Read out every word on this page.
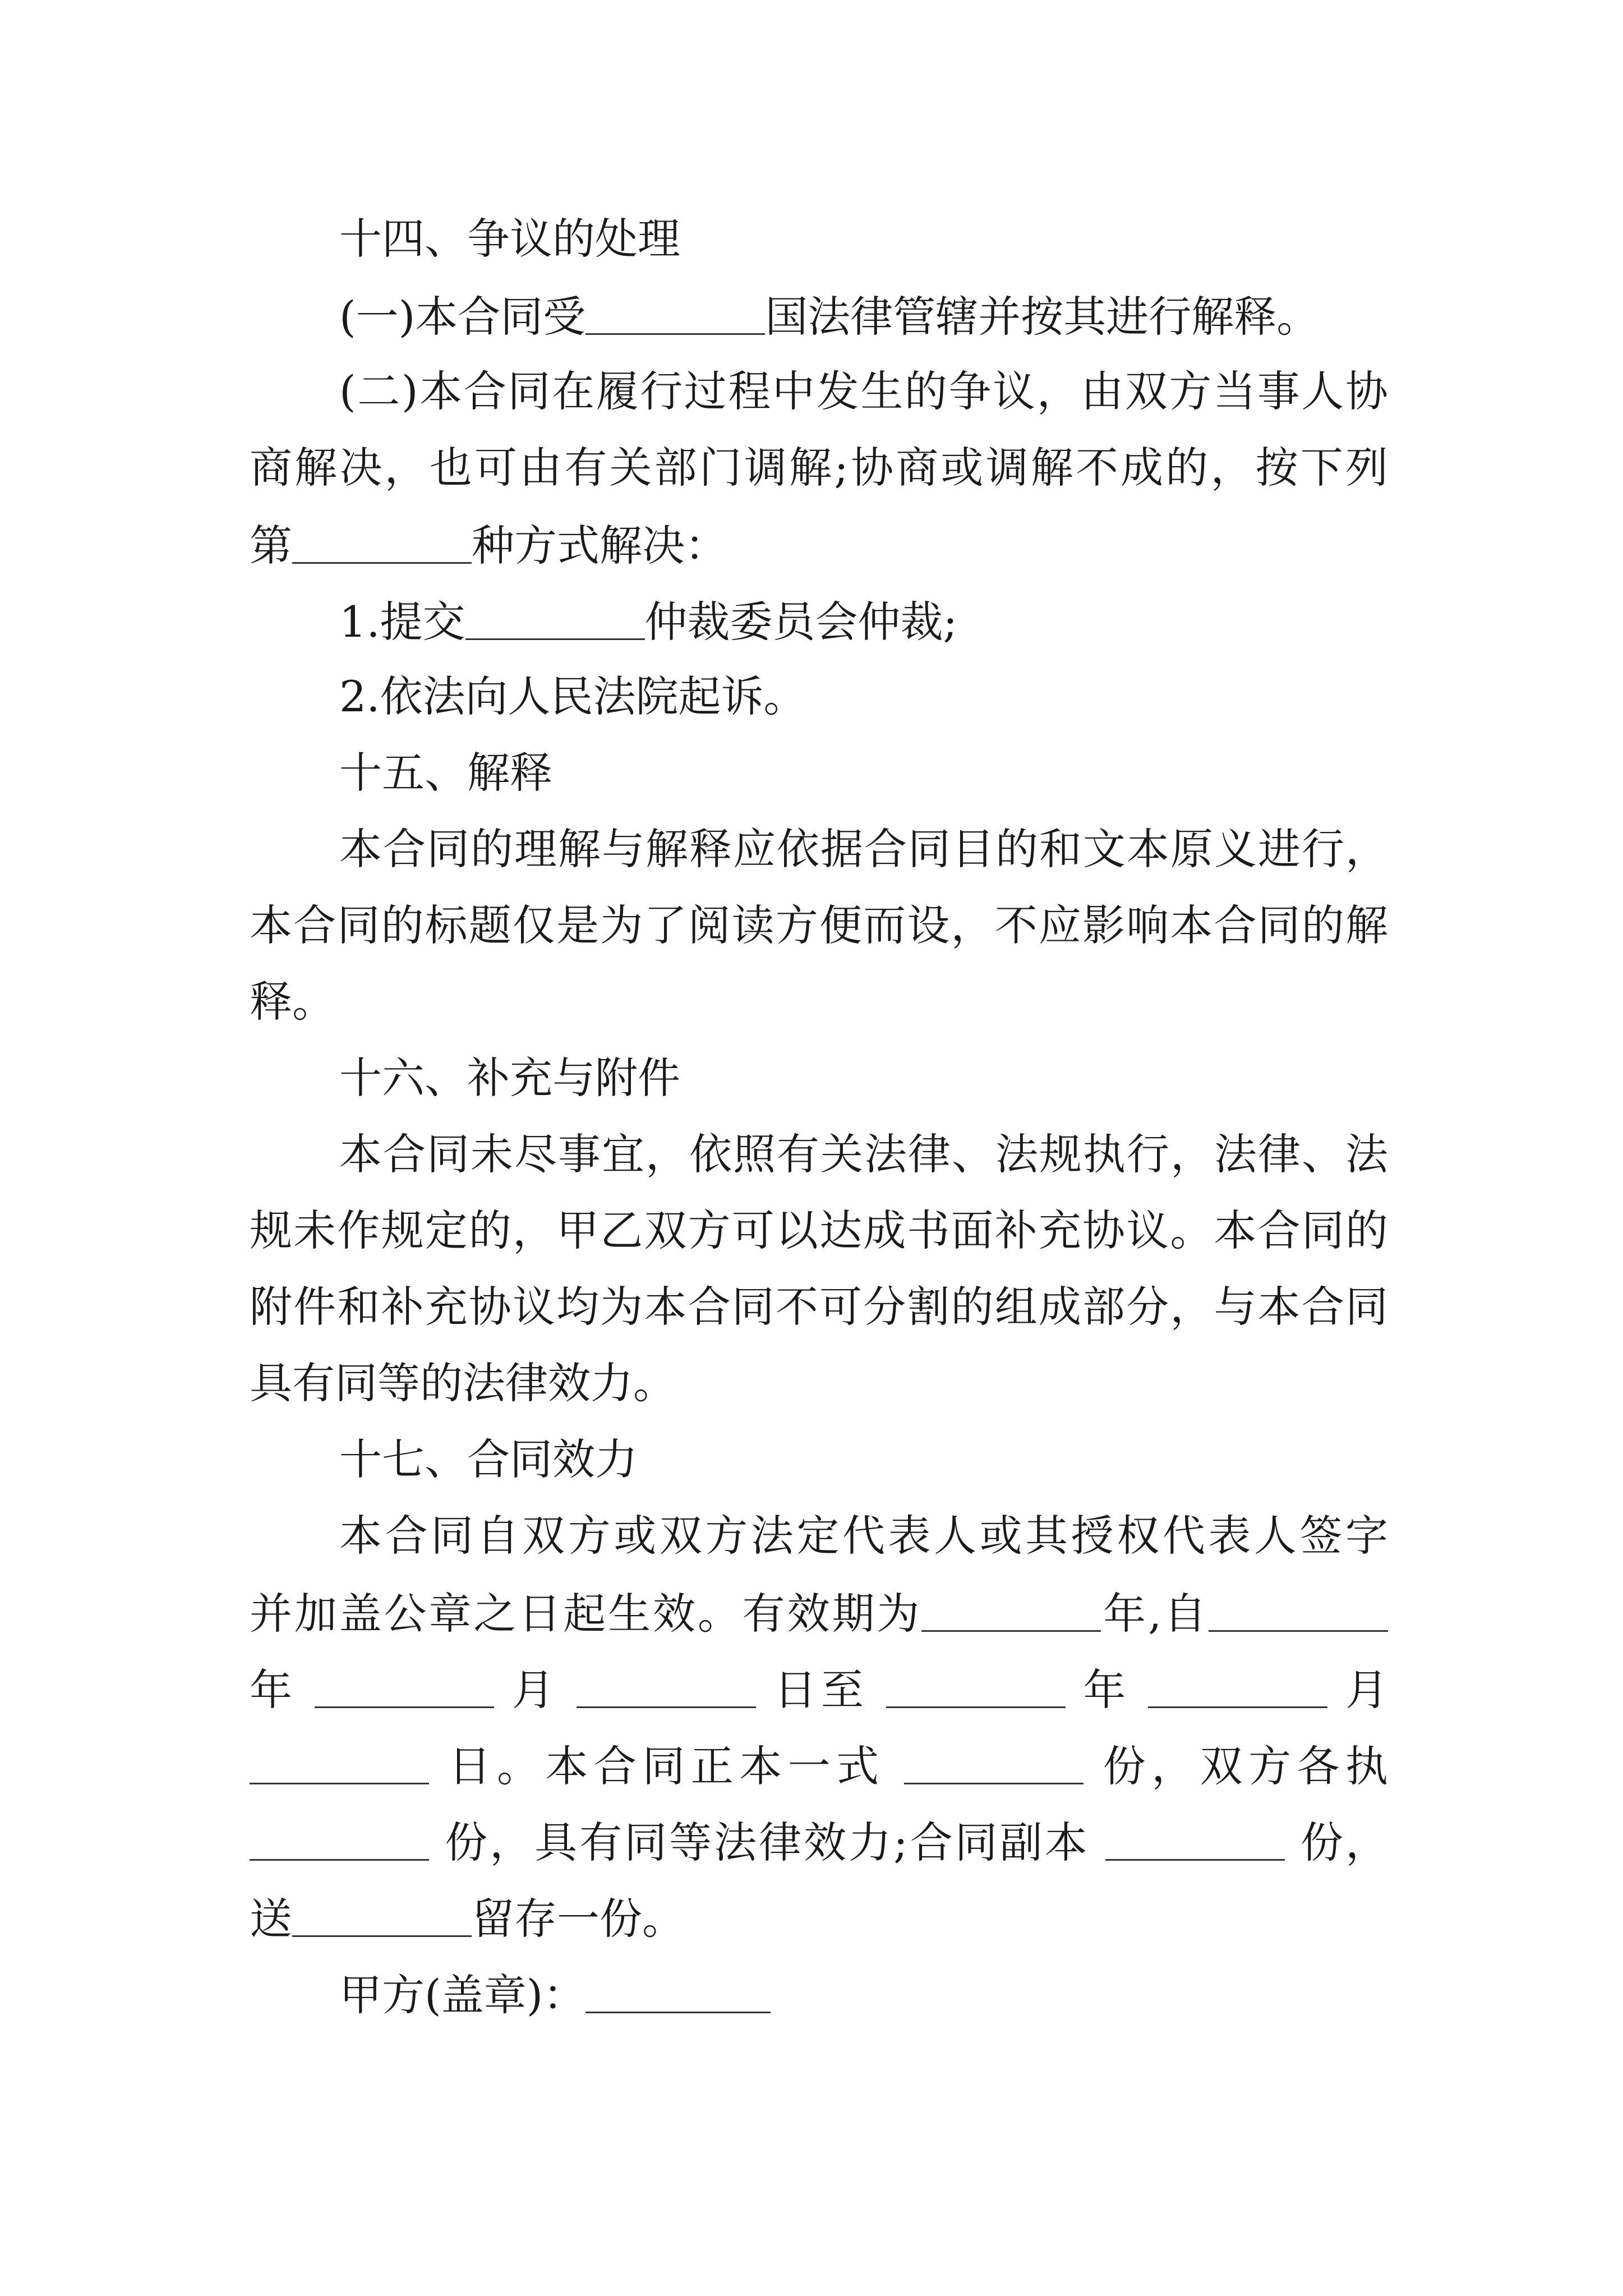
十四、争议的处理
(一)本合同受	国法律管辖并按其进行解释。
(二)本合同在履行过程中发生的争议，由双方当事人协
商解决，也可由有关部门调解;协商或调解不成的，按下列
第	种方式解决：
1.提交	仲裁委员会仲裁;
2.依法向人民法院起诉。
十五、解释
本合同的理解与解释应依据合同目的和文本原义进行，
本合同的标题仅是为了阅读方便而设，不应影响本合同的解
释。
十六、补充与附件
本合同未尽事宜，依照有关法律、法规执行，法律、法
规未作规定的，甲乙双方可以达成书面补充协议。本合同的
附件和补充协议均为本合同不可分割的组成部分，与本合同
具有同等的法律效力。
十七、合同效力
本合同自双方或双方法定代表人或其授权代表人签字
并加盖公章之日起生效。有效期为	年,自
年	月	日至	年	月
日。本合同正本一式	份，双方各执
份，具有同等法律效力;合同副本	份，
送	留存一份。
甲方(盖章)：
